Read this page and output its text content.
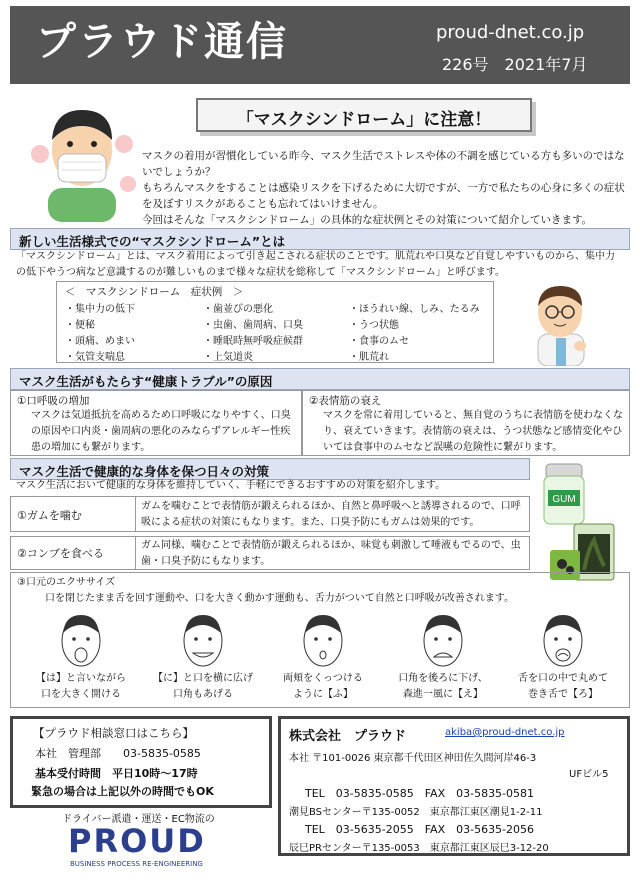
プラウド通信	proud-dnet.co.jp
226号　2021年7月
「マスクシンドローム」に注意！

マスクの着用が習慣化している昨今、マスク生活でストレスや体の不調を感じている方も多いのではないでしょうか？

もちろんマスクをすることは感染リスクを下げるために大切ですが、一方で私たちの心身に多くの症状を及ぼすリスクがあることも忘れてはいけません。

今回はそんな「マスクシンドローム」の具体的な症状例とその対策について紹介していきます。

新しい生活様式での“マスクシンドローム”とは
「マスクシンドローム」とは、マスク着用によって引き起こされる症状のことです。肌荒れや口臭など自覚しやすいものから、集中力の低下やうつ病など意識するのが難しいものまで様々な症状を総称して「マスクシンドローム」と呼びます。
＜　マスクシンドローム　症状例　＞
・集中力の低下	・歯並びの悪化	・ほうれい線、しみ、たるみ
・便秘	・虫歯、歯周病、口臭	・うつ状態
・頭痛、めまい	・睡眠時無呼吸症候群	・食事のムセ
・気管支喘息	・上気道炎	・肌荒れ
マスク生活がもたらす“健康トラブル”の原因
①口呼吸の増加
マスクは気道抵抗を高めるため口呼吸になりやすく、口臭の原因や口内炎・歯周病の悪化のみならずアレルギー性疾患の増加にも繋がります。
②表情筋の衰え
マスクを常に着用していると、無自覚のうちに表情筋を使わなくなり、衰えていきます。表情筋の衰えは、うつ状態など感情変化やひいては食事中のムセなど誤嚥の危険性に繋がります。
マスク生活で健康的な身体を保つ日々の対策
マスク生活において健康的な身体を維持していく、手軽にできるおすすめの対策を紹介します。
①ガムを噛む
ガムを噛むことで表情筋が鍛えられるほか、自然と鼻呼吸へと誘導されるので、口呼吸による症状の対策にもなります。また、口臭予防にもガムは効果的です。
②コンブを食べる
ガム同様、噛むことで表情筋が鍛えられるほか、味覚も刺激して唾液もでるので、虫歯・口臭予防にもなります。
GUM
③口元のエクササイズ
口を閉じたまま舌を回す運動や、口を大きく動かす運動も、舌力がついて自然と口呼吸が改善されます。
【は】と言いながら
口を大きく開ける
【に】と口を横に広げ
口角もあげる
両頬をくっつける
ように【ふ】
口角を後ろに下げ、
森進一風に【え】
舌を口の中で丸めて
巻き舌で【ろ】
【プラウド相談窓口はこちら】
本社　管理部　　03-5835-0585
基本受付時間　平日10時～17時
緊急の場合は上記以外の時間でもOK
ドライバー派遣・運送・EC物流の
PROUD
BUSINESS PROCESS RE-ENGINEERING
株式会社　プラウド	akiba@proud-dnet.co.jp
本社 〒101-0026 東京都千代田区神田佐久間河岸46-3
UFビル5
TEL　03-5835-0585　FAX　03-5835-0581
潮見BSセンター〒135-0052　東京都江東区潮見1-2-11
TEL　03-5635-2055　FAX　03-5635-2056
辰巳PRセンター〒135-0053　東京都江東区辰巳3-12-20
